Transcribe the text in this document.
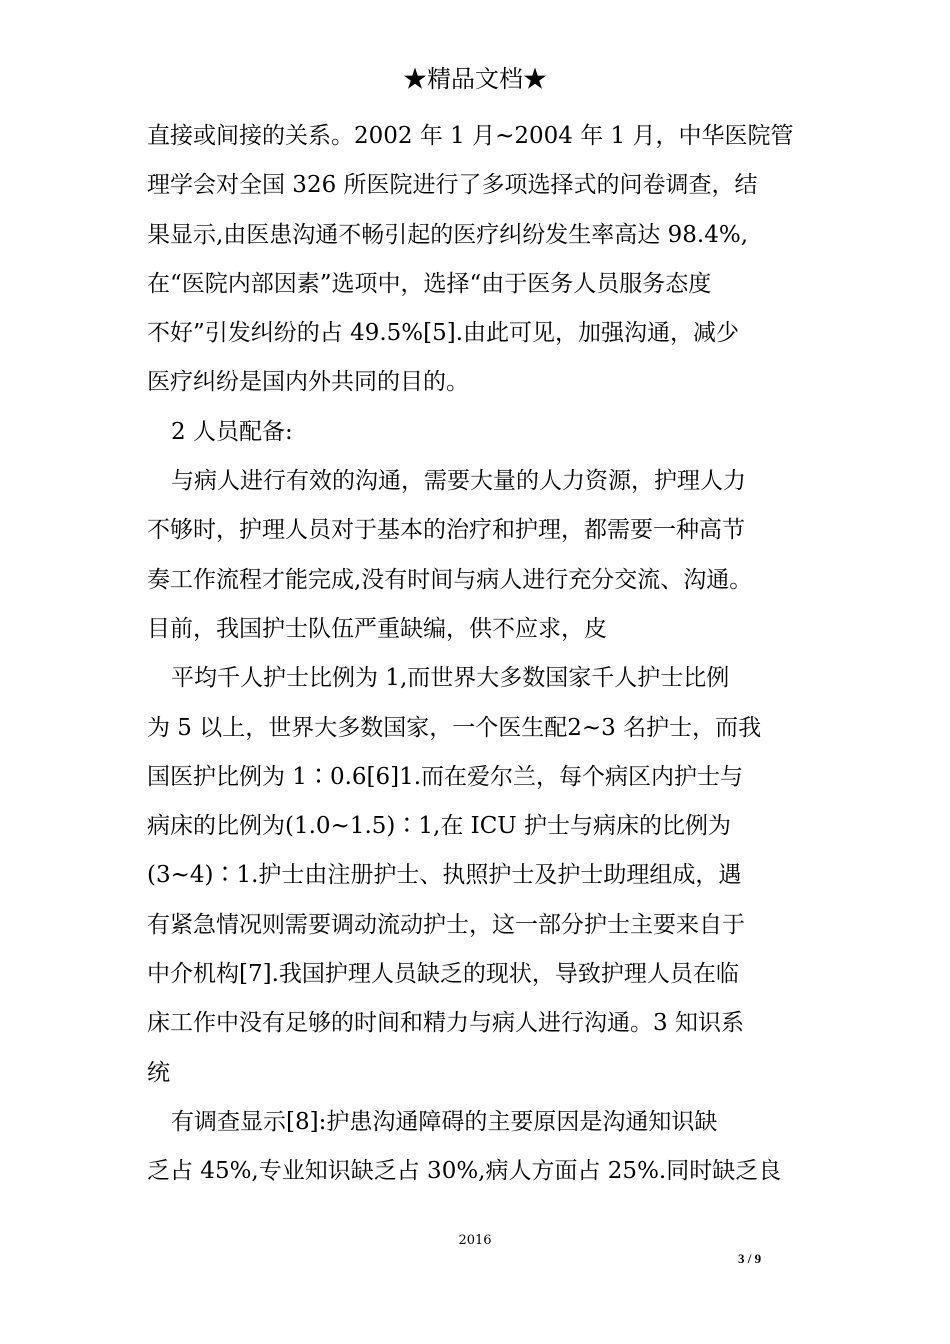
★精品文档★
直接或间接的关系。2002 年 1 月~2004 年 1 月，中华医院管
理学会对全国 326 所医院进行了多项选择式的问卷调查，结
果显示,由医患沟通不畅引起的医疗纠纷发生率高达 98.4%,
在“医院内部因素”选项中，选择“由于医务人员服务态度
不好”引发纠纷的占 49.5%[5].由此可见，加强沟通，减少
医疗纠纷是国内外共同的目的。
2 人员配备:
与病人进行有效的沟通，需要大量的人力资源，护理人力
不够时，护理人员对于基本的治疗和护理，都需要一种高节
奏工作流程才能完成,没有时间与病人进行充分交流、沟通。
目前，我国护士队伍严重缺编，供不应求，皮
平均千人护士比例为 1,而世界大多数国家千人护士比例
为 5 以上，世界大多数国家，一个医生配2~3 名护士，而我
国医护比例为 1∶0.6[6]1.而在爱尔兰，每个病区内护士与
病床的比例为(1.0~1.5)∶1,在 ICU 护士与病床的比例为
(3~4)∶1.护士由注册护士、执照护士及护士助理组成，遇
有紧急情况则需要调动流动护士，这一部分护士主要来自于
中介机构[7].我国护理人员缺乏的现状，导致护理人员在临
床工作中没有足够的时间和精力与病人进行沟通。3 知识系
统
有调查显示[8]:护患沟通障碍的主要原因是沟通知识缺
乏占 45%,专业知识缺乏占 30%,病人方面占 25%.同时缺乏良
2016
3 / 9
